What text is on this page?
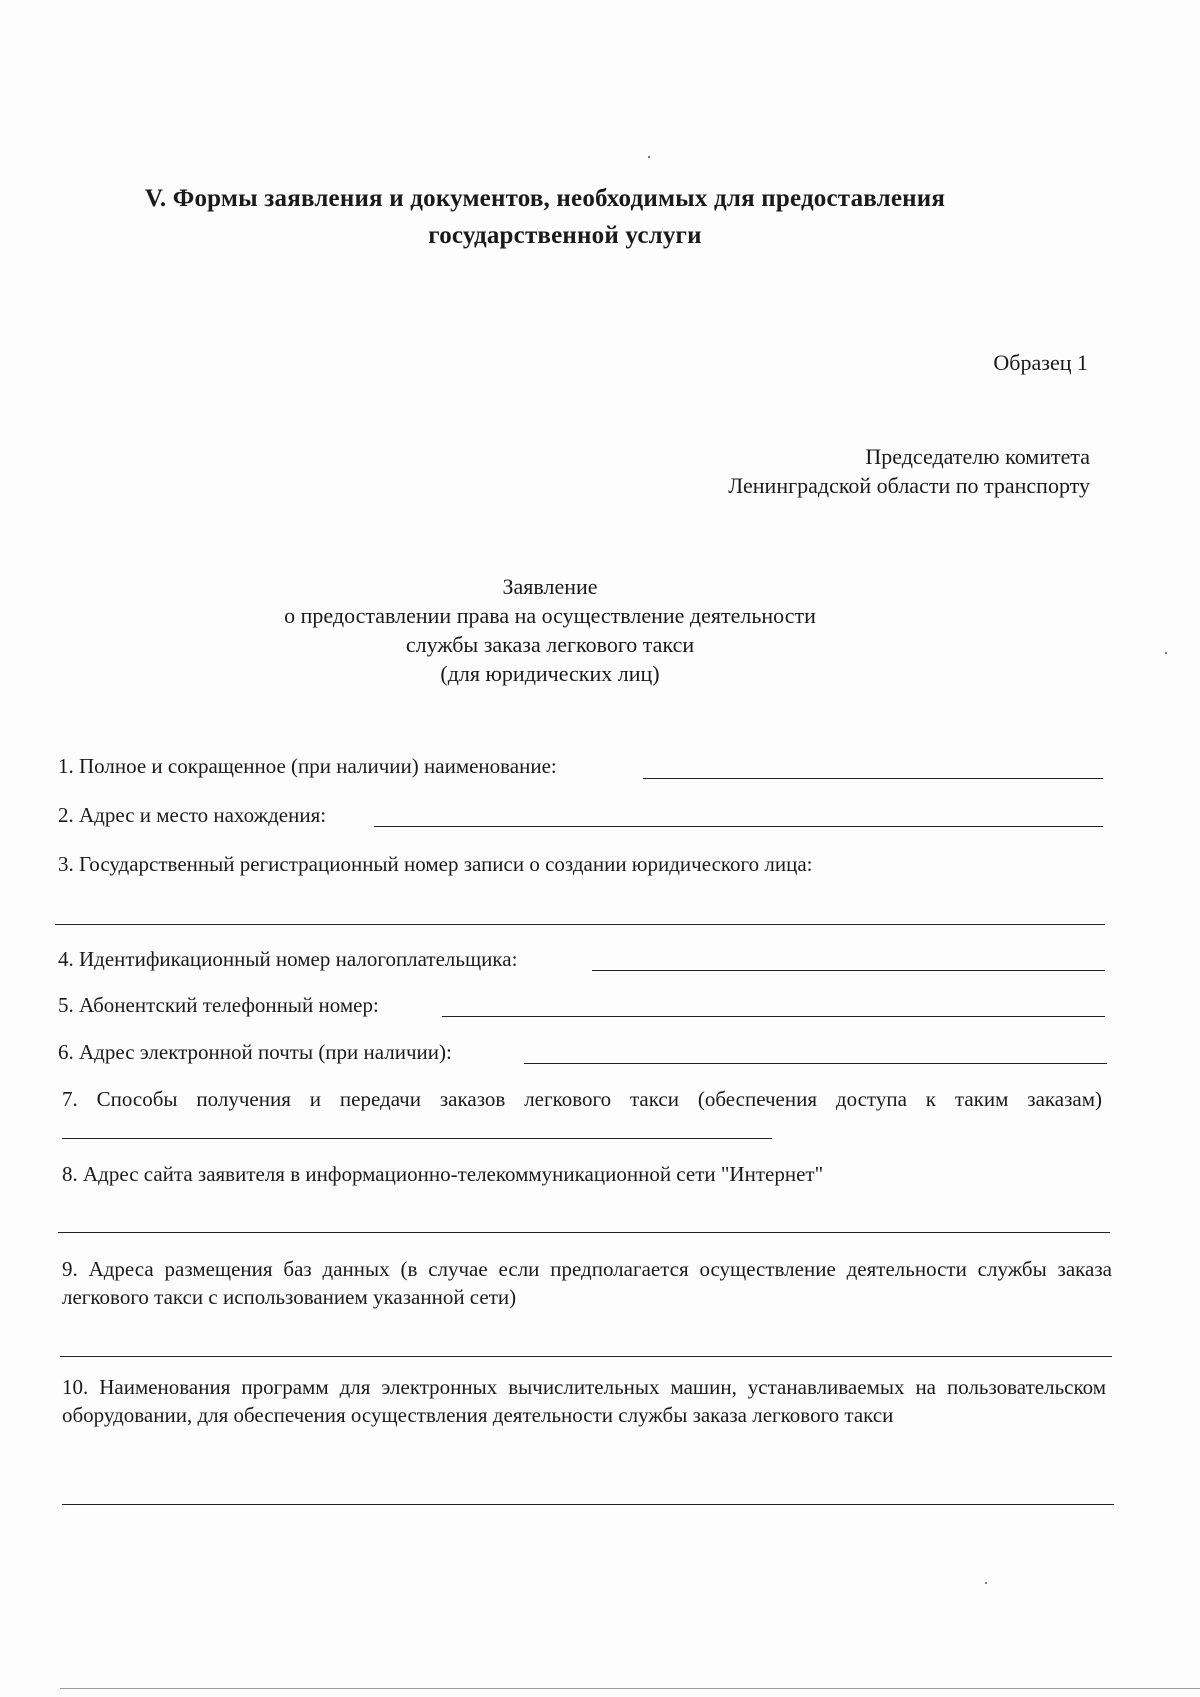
V. Формы заявления и документов, необходимых для предоставления
государственной услуги
Образец 1
Председателю комитета
Ленинградской области по транспорту
Заявление
о предоставлении права на осуществление деятельности
службы заказа легкового такси
(для юридических лиц)
1. Полное и сокращенное (при наличии) наименование:
2. Адрес и место нахождения:
3. Государственный регистрационный номер записи о создании юридического лица:
4. Идентификационный номер налогоплательщика:
5. Абонентский телефонный номер:
6. Адрес электронной почты (при наличии):
7. Способы получения и передачи заказов легкового такси (обеспечения доступа к таким заказам)
8. Адрес сайта заявителя в информационно-телекоммуникационной сети "Интернет"
9. Адреса размещения баз данных (в случае если предполагается осуществление деятельности службы заказа легкового такси с использованием указанной сети)
10. Наименования программ для электронных вычислительных машин, устанавливаемых на пользовательском оборудовании, для обеспечения осуществления деятельности службы заказа легкового такси
